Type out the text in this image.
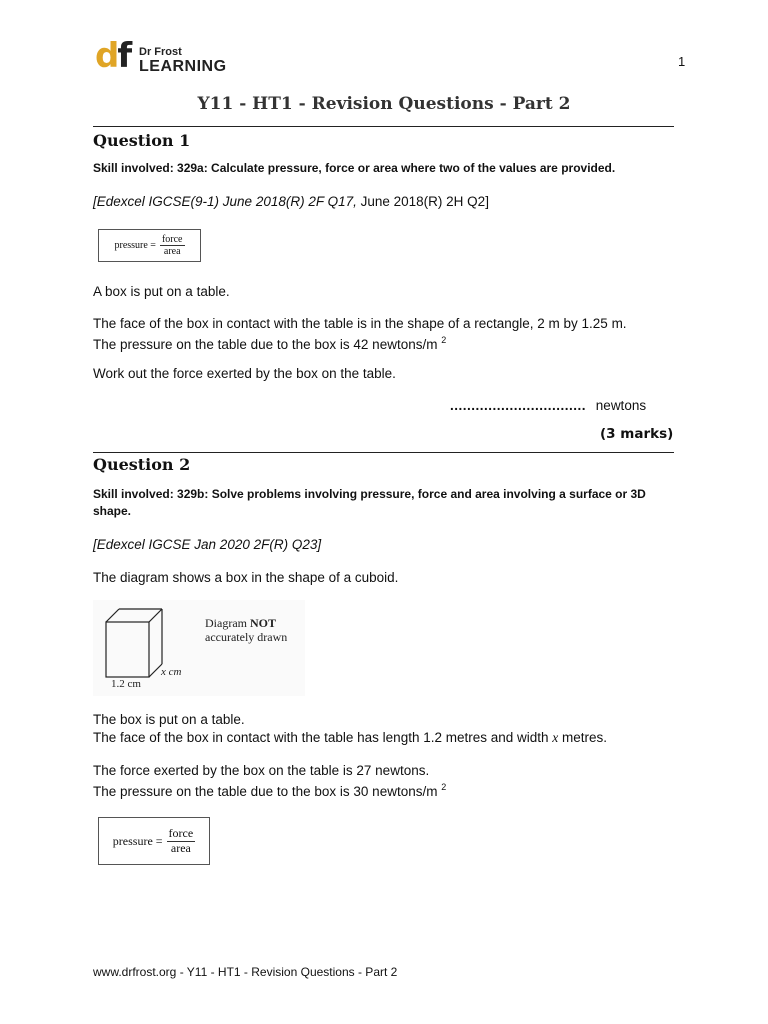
df Dr Frost
LEARNING	1
Y11 - HT1 - Revision Questions - Part 2
Question 1
Skill involved: 329a: Calculate pressure, force or area where two of the values are provided.
[Edexcel IGCSE(9-1) June 2018(R) 2F Q17, June 2018(R) 2H Q2]
pressure = $\frac{\text{force}}{\text{area}}$
A box is put on a table.
The face of the box in contact with the table is in the shape of a rectangle, 2 m by 1.25 m.
The pressure on the table due to the box is 42 newtons/m $^2$
Work out the force exerted by the box on the table.
................................ newtons
(3 marks)
Question 2
Skill involved: 329b: Solve problems involving pressure, force and area involving a surface or 3D shape.
[Edexcel IGCSE Jan 2020 2F(R) Q23]
The diagram shows a box in the shape of a cuboid.
Diagram NOT
accurately drawn
x cm
1.2 cm
The box is put on a table.
The face of the box in contact with the table has length 1.2 metres and width x metres.
The force exerted by the box on the table is 27 newtons.
The pressure on the table due to the box is 30 newtons/m $^2$
pressure = $\frac{\text{force}}{\text{area}}$
www.drfrost.org - Y11 - HT1 - Revision Questions - Part 2
